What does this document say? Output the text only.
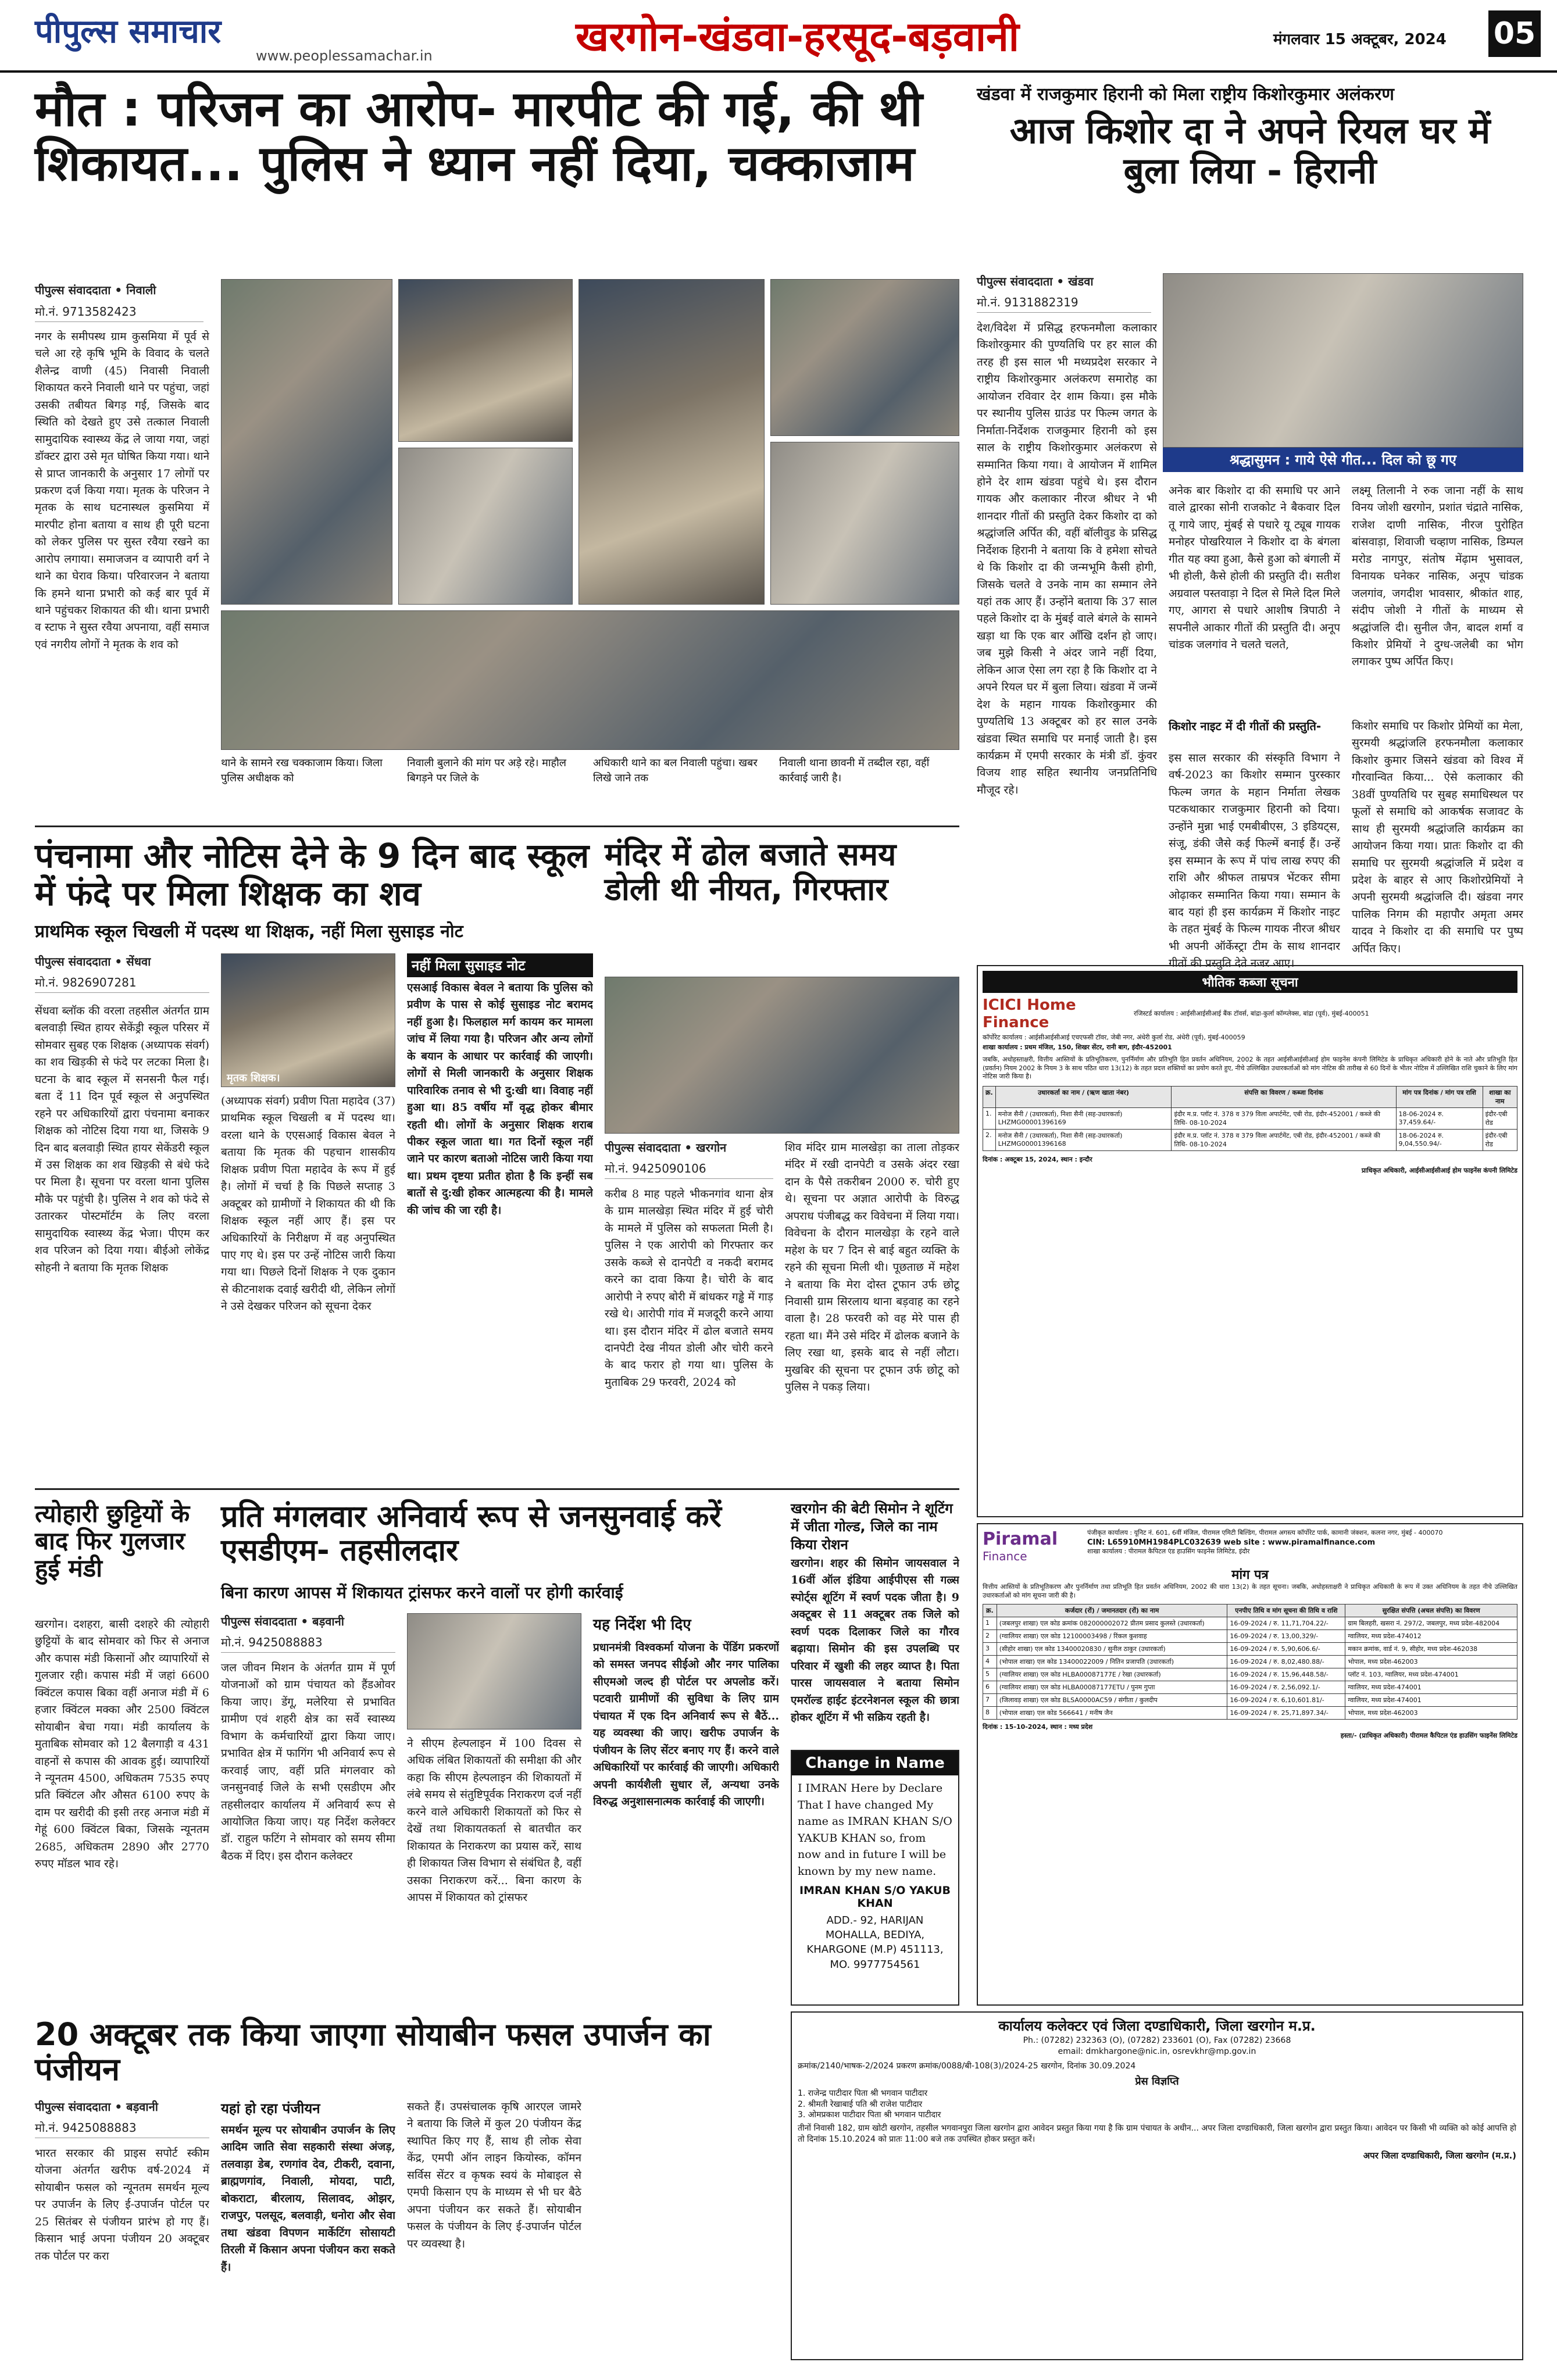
पीपुल्स समाचार
www.peoplessamachar.in	खरगोन-खंडवा-हरसूद-बड़वानी	मंगलवार 15 अक्टूबर, 2024 05
मौत : परिजन का आरोप- मारपीट की गई, की थी शिकायत... पुलिस ने ध्यान नहीं दिया, चक्काजाम
पीपुल्स संवाददाता • निवाली
मो.नं. 9713582423
नगर के समीपस्थ ग्राम कुसमिया में पूर्व से चले आ रहे कृषि भूमि के विवाद के चलते शैलेन्द्र वाणी (45) निवासी निवाली शिकायत करने निवाली थाने पर पहुंचा, जहां उसकी तबीयत बिगड़ गई, जिसके बाद स्थिति को देखते हुए उसे तत्काल निवाली सामुदायिक स्वास्थ्य केंद्र ले जाया गया, जहां डॉक्टर द्वारा उसे मृत घोषित किया गया। थाने से प्राप्त जानकारी के अनुसार 17 लोगों पर प्रकरण दर्ज किया गया। मृतक के परिजन ने मृतक के साथ घटनास्थल कुसमिया में मारपीट होना बताया व साथ ही पूरी घटना को लेकर पुलिस पर सुस्त रवैया रखने का आरोप लगाया। समाजजन व व्यापारी वर्ग ने थाने का घेराव किया। परिवारजन ने बताया कि हमने थाना प्रभारी को कई बार पूर्व में थाने पहुंचकर शिकायत की थी। थाना प्रभारी व स्टाफ ने सुस्त रवैया अपनाया, वहीं समाज एवं नगरीय लोगों ने मृतक के शव को
थाने के सामने रख चक्काजाम किया। जिला पुलिस अधीक्षक को
निवाली बुलाने की मांग पर अड़े रहे। माहौल बिगड़ने पर जिले के
अधिकारी थाने का बल निवाली पहुंचा। खबर लिखे जाने तक
निवाली थाना छावनी में तब्दील रहा, वहीं कार्रवाई जारी है।
खंडवा में राजकुमार हिरानी को मिला राष्ट्रीय किशोरकुमार अलंकरण
आज किशोर दा ने अपने रियल घर में बुला लिया - हिरानी
पीपुल्स संवाददाता • खंडवा
मो.नं. 9131882319
श्रद्धासुमन : गाये ऐसे गीत... दिल को छू गए
देश/विदेश में प्रसिद्ध हरफनमौला कलाकार किशोरकुमार की पुण्यतिथि पर हर साल की तरह ही इस साल भी मध्यप्रदेश सरकार ने राष्ट्रीय किशोरकुमार अलंकरण समारोह का आयोजन रविवार देर शाम किया। इस मौके पर स्थानीय पुलिस ग्राउंड पर फिल्म जगत के निर्माता-निर्देशक राजकुमार हिरानी को इस साल के राष्ट्रीय किशोरकुमार अलंकरण से सम्मानित किया गया। वे आयोजन में शामिल होने देर शाम खंडवा पहुंचे थे। इस दौरान गायक और कलाकार नीरज श्रीधर ने भी शानदार गीतों की प्रस्तुति देकर किशोर दा को श्रद्धांजलि अर्पित की, वहीं बॉलीवुड के प्रसिद्ध निर्देशक हिरानी ने बताया कि वे हमेशा सोचते थे कि किशोर दा की जन्मभूमि कैसी होगी, जिसके चलते वे उनके नाम का सम्मान लेने यहां तक आए हैं। उन्होंने बताया कि 37 साल पहले किशोर दा के मुंबई वाले बंगले के सामने खड़ा था कि एक बार आँखि दर्शन हो जाए। जब मुझे किसी ने अंदर जाने नहीं दिया, लेकिन आज ऐसा लग रहा है कि किशोर दा ने अपने रियल घर में बुला लिया। खंडवा में जन्में देश के महान गायक किशोरकुमार की पुण्यतिथि 13 अक्टूबर को हर साल उनके खंडवा स्थित समाधि पर मनाई जाती है। इस कार्यक्रम में एमपी सरकार के मंत्री डॉ. कुंवर विजय शाह सहित स्थानीय जनप्रतिनिधि मौजूद रहे।
अनेक बार किशोर दा की समाधि पर आने वाले द्वारका सोनी राजकोट ने बैकवार दिल तू गाये जाए, मुंबई से पधारे यू ट्यूब गायक मनोहर पोखरियाल ने किशोर दा के बंगला गीत यह क्या हुआ, कैसे हुआ को बंगाली में भी होली, कैसे होली की प्रस्तुति दी। सतीश अग्रवाल पस्तवाड़ा ने दिल से मिले दिल मिले गए, आगरा से पधारे आशीष त्रिपाठी ने सपनीले आकार गीतों की प्रस्तुति दी। अनूप चांडक जलगांव ने चलते चलते,
लक्ष्मू तिलानी ने रुक जाना नहीं के साथ विनय जोशी खरगोन, प्रशांत चंद्राते नासिक, राजेश दाणी नासिक, नीरज पुरोहित बांसवाड़ा, शिवाजी चव्हाण नासिक, डिम्पल मरोड नागपुर, संतोष मेंढ़ाम भुसावल, विनायक घनेकर नासिक, अनूप चांडक जलगांव, जगदीश भावसार, श्रीकांत शाह, संदीप जोशी ने गीतों के माध्यम से श्रद्धांजलि दी। सुनील जैन, बादल शर्मा व किशोर प्रेमियों ने दुग्ध-जलेबी का भोग लगाकर पुष्प अर्पित किए।
किशोर नाइट में दी गीतों की प्रस्तुति-
इस साल सरकार की संस्कृति विभाग ने वर्ष-2023 का किशोर सम्मान पुरस्कार फिल्म जगत के महान निर्माता लेखक पटकथाकार राजकुमार हिरानी को दिया। उन्होंने मुन्ना भाई एमबीबीएस, 3 इडियट्स, संजू, डंकी जैसे कई फिल्में बनाई हैं। उन्हें इस सम्मान के रूप में पांच लाख रुपए की राशि और श्रीफल ताम्रपत्र भेंटकर सीमा ओढ़ाकर सम्मानित किया गया। सम्मान के बाद यहां ही इस कार्यक्रम में किशोर नाइट के तहत मुंबई के फिल्म गायक नीरज श्रीधर भी अपनी ऑर्केस्ट्रा टीम के साथ शानदार गीतों की प्रस्तुति देते नजर आए।
किशोर समाधि पर किशोर प्रेमियों का मेला, सुरमयी श्रद्धांजलि हरफनमौला कलाकार किशोर कुमार जिसने खंडवा को विश्व में गौरवान्वित किया... ऐसे कलाकार की 38वीं पुण्यतिथि पर सुबह समाधिस्थल पर फूलों से समाधि को आकर्षक सजावट के साथ ही सुरमयी श्रद्धांजलि कार्यक्रम का आयोजन किया गया। प्रातः किशोर दा की समाधि पर सुरमयी श्रद्धांजलि में प्रदेश व प्रदेश के बाहर से आए किशोरप्रेमियों ने अपनी सुरमयी श्रद्धांजलि दी। खंडवा नगर पालिक निगम की महापौर अमृता अमर यादव ने किशोर दा की समाधि पर पुष्प अर्पित किए।
पंचनामा और नोटिस देने के 9 दिन बाद स्कूल में फंदे पर मिला शिक्षक का शव
प्राथमिक स्कूल चिखली में पदस्थ था शिक्षक, नहीं मिला सुसाइड नोट
पीपुल्स संवाददाता • सेंधवा
मो.नं. 9826907281
सेंधवा ब्लॉक की वरला तहसील अंतर्गत ग्राम बलवाड़ी स्थित हायर सेकेंड्री स्कूल परिसर में सोमवार सुबह एक शिक्षक (अध्यापक संवर्ग) का शव खिड़की से फंदे पर लटका मिला है। घटना के बाद स्कूल में सनसनी फैल गई। बता दें 11 दिन पूर्व स्कूल से अनुपस्थित रहने पर अधिकारियों द्वारा पंचनामा बनाकर शिक्षक को नोटिस दिया गया था, जिसके 9 दिन बाद बलवाड़ी स्थित हायर सेकेंडरी स्कूल में उस शिक्षक का शव खिड़की से बंधे फंदे पर मिला है। सूचना पर वरला थाना पुलिस मौके पर पहुंची है। पुलिस ने शव को फंदे से उतारकर पोस्टमॉर्टम के लिए वरला सामुदायिक स्वास्थ्य केंद्र भेजा। पीएम कर शव परिजन को दिया गया। बीईओ लोकेंद्र सोहनी ने बताया कि मृतक शिक्षक
मृतक शिक्षक।
(अध्यापक संवर्ग) प्रवीण पिता महादेव (37) प्राथमिक स्कूल चिखली ब में पदस्थ था। वरला थाने के एएसआई विकास बेवल ने बताया कि मृतक की पहचान शासकीय शिक्षक प्रवीण पिता महादेव के रूप में हुई है। लोगों में चर्चा है कि पिछले सप्ताह 3 अक्टूबर को ग्रामीणों ने शिकायत की थी कि शिक्षक स्कूल नहीं आए हैं। इस पर अधिकारियों के निरीक्षण में वह अनुपस्थित पाए गए थे। इस पर उन्हें नोटिस जारी किया गया था। पिछले दिनों शिक्षक ने एक दुकान से कीटनाशक दवाई खरीदी थी, लेकिन लोगों ने उसे देखकर परिजन को सूचना देकर
नहीं मिला सुसाइड नोट
एसआई विकास बेवल ने बताया कि पुलिस को प्रवीण के पास से कोई सुसाइड नोट बरामद नहीं हुआ है। फिलहाल मर्ग कायम कर मामला जांच में लिया गया है। परिजन और अन्य लोगों के बयान के आधार पर कार्रवाई की जाएगी। लोगों से मिली जानकारी के अनुसार शिक्षक पारिवारिक तनाव से भी दु:खी था। विवाह नहीं हुआ था। 85 वर्षीय माँ वृद्ध होकर बीमार रहती थी। लोगों के अनुसार शिक्षक शराब पीकर स्कूल जाता था। गत दिनों स्कूल नहीं जाने पर कारण बताओ नोटिस जारी किया गया था। प्रथम दृष्टया प्रतीत होता है कि इन्हीं सब बातों से दु:खी होकर आत्महत्या की है। मामले की जांच की जा रही है।
मंदिर में ढोल बजाते समय डोली थी नीयत, गिरफ्तार
पीपुल्स संवाददाता • खरगोन
मो.नं. 9425090106
करीब 8 माह पहले भीकनगांव थाना क्षेत्र के ग्राम मालखेड़ा स्थित मंदिर में हुई चोरी के मामले में पुलिस को सफलता मिली है। पुलिस ने एक आरोपी को गिरफ्तार कर उसके कब्जे से दानपेटी व नकदी बरामद करने का दावा किया है। चोरी के बाद आरोपी ने रुपए बोरी में बांधकर गड्ढे में गाड़ रखे थे। आरोपी गांव में मजदूरी करने आया था। इस दौरान मंदिर में ढोल बजाते समय दानपेटी देख नीयत डोली और चोरी करने के बाद फरार हो गया था। पुलिस के मुताबिक 29 फरवरी, 2024 को
शिव मंदिर ग्राम मालखेड़ा का ताला तोड़कर मंदिर में रखी दानपेटी व उसके अंदर रखा दान के पैसे तकरीबन 2000 रु. चोरी हुए थे। सूचना पर अज्ञात आरोपी के विरुद्ध अपराध पंजीबद्ध कर विवेचना में लिया गया। विवेचना के दौरान मालखेड़ा के रहने वाले महेश के घर 7 दिन से बाई बहुत व्यक्ति के रहने की सूचना मिली थी। पूछताछ में महेश ने बताया कि मेरा दोस्त टूफान उर्फ छोटू निवासी ग्राम सिरलाय थाना बड़वाह का रहने वाला है। 28 फरवरी को वह मेरे पास ही रहता था। मैंने उसे मंदिर में ढोलक बजाने के लिए रखा था, इसके बाद से नहीं लौटा। मुखबिर की सूचना पर टूफान उर्फ छोटू को पुलिस ने पकड़ लिया।
भौतिक कब्जा सूचना
ICICI Home Finance
रजिस्टर्ड कार्यालय : आईसीआईसीआई बैंक टॉवर्स, बांद्रा-कुर्ला कॉम्प्लेक्स, बांद्रा (पूर्व), मुंबई-400051
कॉर्पोरेट कार्यालय : आईसीआईसीआई एचएफसी टॉवर, जेबी नगर, अंधेरी कुर्ला रोड, अंधेरी (पूर्व), मुंबई-400059
शाखा कार्यालय : प्रथम मंजिल, 150, शिखर सेंटर, रानी बाग, इंदौर-452001
जबकि, अधोहस्ताक्षरी, वित्तीय आस्तियों के प्रतिभूतिकरण, पुनर्निर्माण और प्रतिभूति हित प्रवर्तन अधिनियम, 2002 के तहत आईसीआईसीआई होम फाइनेंस कंपनी लिमिटेड के प्राधिकृत अधिकारी होने के नाते और प्रतिभूति हित (प्रवर्तन) नियम 2002 के नियम 3 के साथ पठित धारा 13(12) के तहत प्रदत्त शक्तियों का प्रयोग करते हुए, नीचे उल्लिखित उधारकर्ताओं को मांग नोटिस की तारीख से 60 दिनों के भीतर नोटिस में उल्लिखित राशि चुकाने के लिए मांग नोटिस जारी किया है।
क्र.	उधारकर्ता का नाम / (ऋण खाता नंबर)	संपत्ति का विवरण / कब्जा दिनांक	मांग पत्र दिनांक / मांग पत्र राशि	शाखा का नाम
1.	मनोज सैनी / (उधारकर्ता), निशा सैनी (सह-उधारकर्ता) LHZMG00001396169	इंदौर म.प्र. प्लॉट नं. 378 व 379 विला अपार्टमेंट, एबी रोड, इंदौर-452001 / कब्जे की तिथि- 08-10-2024	18-06-2024 रु. 37,459.64/-	इंदौर-एबी रोड
2.	मनोज सैनी / (उधारकर्ता), निशा सैनी (सह-उधारकर्ता) LHZMG00001396168	इंदौर म.प्र. प्लॉट नं. 378 व 379 विला अपार्टमेंट, एबी रोड, इंदौर-452001 / कब्जे की तिथि- 08-10-2024	18-06-2024 रु. 9,04,550.94/-	इंदौर-एबी रोड
दिनांक : अक्टूबर 15, 2024, स्थान : इन्दौर
प्राधिकृत अधिकारी, आईसीआईसीआई होम फाइनेंस कंपनी लिमिटेड
त्योहारी छुट्टियों के बाद फिर गुलजार हुई मंडी
खरगोन। दशहरा, बासी दशहरे की त्योहारी छुट्टियों के बाद सोमवार को फिर से अनाज और कपास मंडी किसानों और व्यापारियों से गुलजार रही। कपास मंडी में जहां 6600 क्विंटल कपास बिका वहीं अनाज मंडी में 6 हजार क्विंटल मक्का और 2500 क्विंटल सोयाबीन बेचा गया। मंडी कार्यालय के मुताबिक सोमवार को 12 बैलगाड़ी व 431 वाहनों से कपास की आवक हुई। व्यापारियों ने न्यूनतम 4500, अधिकतम 7535 रुपए प्रति क्विंटल और औसत 6100 रुपए के दाम पर खरीदी की इसी तरह अनाज मंडी में गेहूं 600 क्विंटल बिका, जिसके न्यूनतम 2685, अधिकतम 2890 और 2770 रुपए मॉडल भाव रहे।
प्रति मंगलवार अनिवार्य रूप से जनसुनवाई करें एसडीएम- तहसीलदार
बिना कारण आपस में शिकायत ट्रांसफर करने वालों पर होगी कार्रवाई
पीपुल्स संवाददाता • बड़वानी
मो.नं. 9425088883
जल जीवन मिशन के अंतर्गत ग्राम में पूर्ण योजनाओं को ग्राम पंचायत को हैंडओवर किया जाए। डेंगू, मलेरिया से प्रभावित ग्रामीण एवं शहरी क्षेत्र का सर्वे स्वास्थ्य विभाग के कर्मचारियों द्वारा किया जाए। प्रभावित क्षेत्र में फागिंग भी अनिवार्य रूप से करवाई जाए, वहीं प्रति मंगलवार को जनसुनवाई जिले के सभी एसडीएम और तहसीलदार कार्यालय में अनिवार्य रूप से आयोजित किया जाए। यह निर्देश कलेक्टर डॉ. राहुल फटिंग ने सोमवार को समय सीमा बैठक में दिए। इस दौरान कलेक्टर
ने सीएम हेल्पलाइन में 100 दिवस से अधिक लंबित शिकायतों की समीक्षा की और कहा कि सीएम हेल्पलाइन की शिकायतों में लंबे समय से संतुष्टिपूर्वक निराकरण दर्ज नहीं करने वाले अधिकारी शिकायतों को फिर से देखें तथा शिकायतकर्ता से बातचीत कर शिकायत के निराकरण का प्रयास करें, साथ ही शिकायत जिस विभाग से संबंधित है, वहीं उसका निराकरण करें... बिना कारण के आपस में शिकायत को ट्रांसफर
यह निर्देश भी दिए
प्रधानमंत्री विश्वकर्मा योजना के पेंडिंग प्रकरणों को समस्त जनपद सीईओ और नगर पालिका सीएमओ जल्द ही पोर्टल पर अपलोड करें। पटवारी ग्रामीणों की सुविधा के लिए ग्राम पंचायत में एक दिन अनिवार्य रूप से बैठें... यह व्यवस्था की जाए। खरीफ उपार्जन के पंजीयन के लिए सेंटर बनाए गए हैं। करने वाले अधिकारियों पर कार्रवाई की जाएगी। अधिकारी अपनी कार्यशैली सुधार लें, अन्यथा उनके विरुद्ध अनुशासनात्मक कार्रवाई की जाएगी।
खरगोन की बेटी सिमोन ने शूटिंग में जीता गोल्ड, जिले का नाम किया रोशन
खरगोन। शहर की सिमोन जायसवाल ने 16वीं ऑल इंडिया आईपीएस सी गल्र्स स्पोर्ट्स शूटिंग में स्वर्ण पदक जीता है। 9 अक्टूबर से 11 अक्टूबर तक जिले को स्वर्ण पदक दिलाकर जिले का गौरव बढ़ाया। सिमोन की इस उपलब्धि पर परिवार में खुशी की लहर व्याप्त है। पिता पारस जायसवाल ने बताया सिमोन एमरॉल्ड हाईट इंटरनेशनल स्कूल की छात्रा होकर शूटिंग में भी सक्रिय रहती है।
Change in Name
I IMRAN Here by Declare That I have changed My name as IMRAN KHAN S/O YAKUB KHAN so, from now and in future I will be known by my new name.
IMRAN KHAN S/O YAKUB KHAN
ADD.- 92, HARIJAN MOHALLA, BEDIYA, KHARGONE (M.P) 451113, MO. 9977754561
कार्यालय कलेक्टर एवं जिला दण्डाधिकारी, जिला खरगोन म.प्र.
Ph.: (07282) 232363 (O), (07282) 233601 (O), Fax (07282) 23668
email: dmkhargone@nic.in, osrevkhr@mp.gov.in
क्रमांक/2140/भाषक-2/2024 प्रकरण क्रमांक/0088/बी-108(3)/2024-25 खरगोन, दिनांक 30.09.2024
प्रेस विज्ञप्ति
1. राजेन्द्र पाटीदार पिता श्री भगवान पाटीदार
2. श्रीमती रेखाबाई पति श्री राजेश पाटीदार
3. ओमप्रकाश पाटीदार पिता श्री भगवान पाटीदार
तीनों निवासी 182, ग्राम खोटी खरगोन, तहसील भगवानपुरा जिला खरगोन द्वारा आवेदन प्रस्तुत किया गया है कि ग्राम पंचायत के अधीन... अपर जिला दण्डाधिकारी, जिला खरगोन द्वारा प्रस्तुत किया। आवेदन पर किसी भी व्यक्ति को कोई आपत्ति हो तो दिनांक 15.10.2024 को प्रातः 11:00 बजे तक उपस्थित होकर प्रस्तुत करें।
अपर जिला दण्डाधिकारी, जिला खरगोन (म.प्र.)
20 अक्टूबर तक किया जाएगा सोयाबीन फसल उपार्जन का पंजीयन
पीपुल्स संवाददाता • बड़वानी
मो.नं. 9425088883
भारत सरकार की प्राइस सपोर्ट स्कीम योजना अंतर्गत खरीफ वर्ष-2024 में सोयाबीन फसल को न्यूनतम समर्थन मूल्य पर उपार्जन के लिए ई-उपार्जन पोर्टल पर 25 सितंबर से पंजीयन प्रारंभ हो गए हैं। किसान भाई अपना पंजीयन 20 अक्टूबर तक पोर्टल पर करा
यहां हो रहा पंजीयन
समर्थन मूल्य पर सोयाबीन उपार्जन के लिए आदिम जाति सेवा सहकारी संस्था अंजड़, तलवाड़ा डेब, रणगांव देव, टीकरी, दवाना, ब्राह्मणगांव, निवाली, मोयदा, पाटी, बोकराटा, बीरलाय, सिलावद, ओझर, राजपुर, पलसूद, बलवाड़ी, धनोरा और सेवा तथा खंडवा विपणन मार्केटिंग सोसायटी तिरली में किसान अपना पंजीयन करा सकते हैं।
सकते हैं। उपसंचालक कृषि आरएल जामरे ने बताया कि जिले में कुल 20 पंजीयन केंद्र स्थापित किए गए हैं, साथ ही लोक सेवा केंद्र, एमपी ऑन लाइन कियोस्क, कॉमन सर्विस सेंटर व कृषक स्वयं के मोबाइल से एमपी किसान एप के माध्यम से भी घर बैठे अपना पंजीयन कर सकते हैं। सोयाबीन फसल के पंजीयन के लिए ई-उपार्जन पोर्टल पर व्यवस्था है।
Piramal
Finance
पंजीकृत कार्यालय : यूनिट नं. 601, 6वीं मंजिल, पीरामल एमिटी बिल्डिंग, पीरामल अगस्त्य कॉर्पोरेट पार्क, कामानी जंक्शन, कलना नगर, मुंबई - 400070
CIN: L65910MH1984PLC032639 web site : www.piramalfinance.com
शाखा कार्यालय : पीरामल कैपिटल एंड हाउसिंग फाइनेंस लिमिटेड, इंदौर
मांग पत्र
वित्तीय आस्तियों के प्रतिभूतिकरण और पुनर्निर्माण तथा प्रतिभूति हित प्रवर्तन अधिनियम, 2002 की धारा 13(2) के तहत सूचना। जबकि, अधोहस्ताक्षरी ने प्राधिकृत अधिकारी के रूप में उक्त अधिनियम के तहत नीचे उल्लिखित उधारकर्ताओं को मांग सूचना जारी की है।
क्र.	कर्जदार (रों) / जमानतदार (रों) का नाम	एनपीए तिथि व मांग सूचना की तिथि व राशि	सुरक्षित संपत्ति (अचल संपत्ति) का विवरण
1	(जबलपुर शाखा) एल कोड क्रमांक 082000002072 प्रीतम प्रसाद कुलस्ते (उधारकर्ता)	16-09-2024 / रु. 11,71,704.22/-	ग्राम बिलहरी, खसरा नं. 297/2, जबलपुर, मध्य प्रदेश-482004
2	(ग्वालियर शाखा) एल कोड 12100003498 / रिंकल कुशवाह	16-09-2024 / रु. 13,00,329/-	ग्वालियर, मध्य प्रदेश-474012
3	(सीहोर शाखा) एल कोड 13400020830 / सुनील ठाकुर (उधारकर्ता)	16-09-2024 / रु. 5,90,606.6/-	मकान क्रमांक, वार्ड नं. 9, सीहोर, मध्य प्रदेश-462038
4	(भोपाल शाखा) एल कोड 13400022009 / नितिन प्रजापति (उधारकर्ता)	16-09-2024 / रु. 8,02,480.88/-	भोपाल, मध्य प्रदेश-462003
5	(ग्वालियर शाखा) एल कोड HLBA00087177E / रेखा (उधारकर्ता)	16-09-2024 / रु. 15,96,448.58/-	प्लॉट नं. 103, ग्वालियर, मध्य प्रदेश-474001
6	(ग्वालियर शाखा) एल कोड HLBA00087177ETU / पुनम गुप्ता	16-09-2024 / रु. 2,56,092.1/-	ग्वालियर, मध्य प्रदेश-474001
7	(जिलावड़ शाखा) एल कोड BLSA0000AC59 / संगीता / कुलदीप	16-09-2024 / रु. 6,10,601.81/-	ग्वालियर, मध्य प्रदेश-474001
8	(भोपाल शाखा) एल कोड 566641 / मनीष जैन	16-09-2024 / रु. 25,71,897.34/-	भोपाल, मध्य प्रदेश-462003
दिनांक : 15-10-2024, स्थान : मध्य प्रदेश
हस्ता/- (प्राधिकृत अधिकारी) पीरामल कैपिटल एंड हाउसिंग फाइनेंस लिमिटेड
